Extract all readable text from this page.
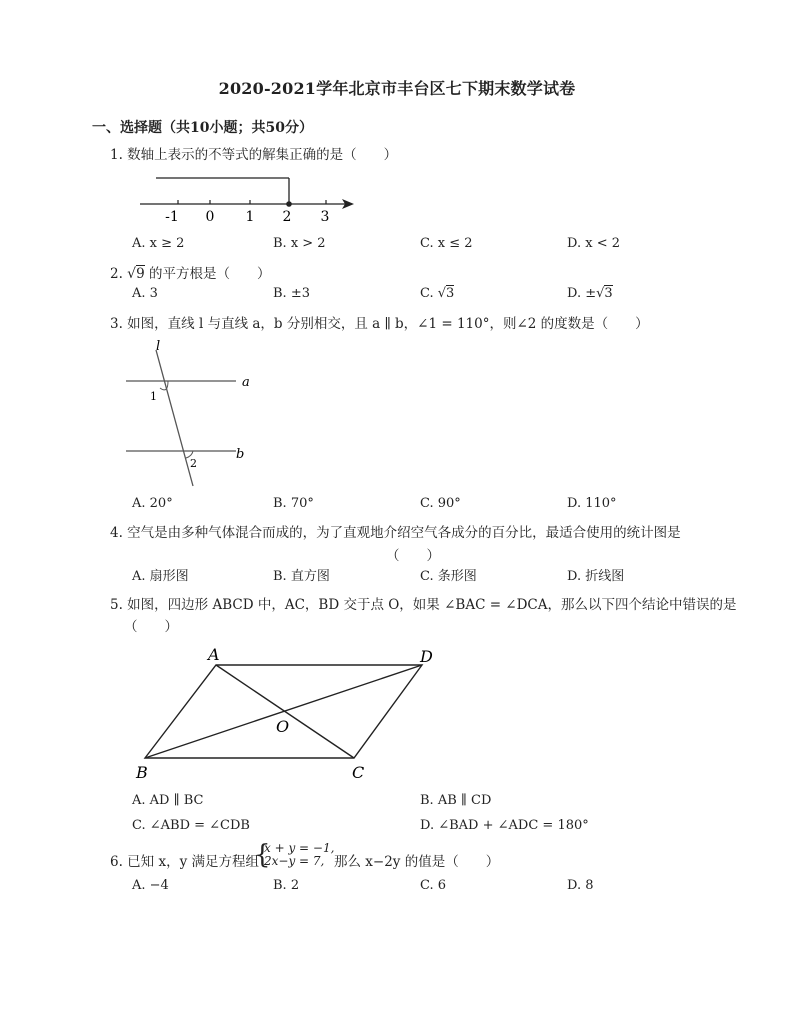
2020-2021学年北京市丰台区七下期末数学试卷
一、选择题（共10小题；共50分）
1. 数轴上表示的不等式的解集正确的是（　　）
-1 0 1 2 3
A. x ≥ 2	B. x > 2	C. x ≤ 2	D. x < 2
2. √9 的平方根是（　　）
A. 3	B. ±3	C. √3	D. ±√3
3. 如图，直线 l 与直线 a，b 分别相交，且 a ∥ b，∠1 = 110°，则∠2 的度数是（　　）
l
a
b
1
2
A. 20°	B. 70°	C. 90°	D. 110°
4. 空气是由多种气体混合而成的，为了直观地介绍空气各成分的百分比，最适合使用的统计图是
（　　）
A. 扇形图	B. 直方图	C. 条形图	D. 折线图
5. 如图，四边形 ABCD 中，AC，BD 交于点 O，如果 ∠BAC = ∠DCA，那么以下四个结论中错误的是
（　　）
A	D
B	C
O
A. AD ∥ BC	B. AB ∥ CD
C. ∠ABD = ∠CDB	D. ∠BAD + ∠ADC = 180°
6. 已知 x，y 满足方程组
{
x + y = −1,
2x−y = 7, 那么 x−2y 的值是（　　）
A. −4	B. 2	C. 6	D. 8
